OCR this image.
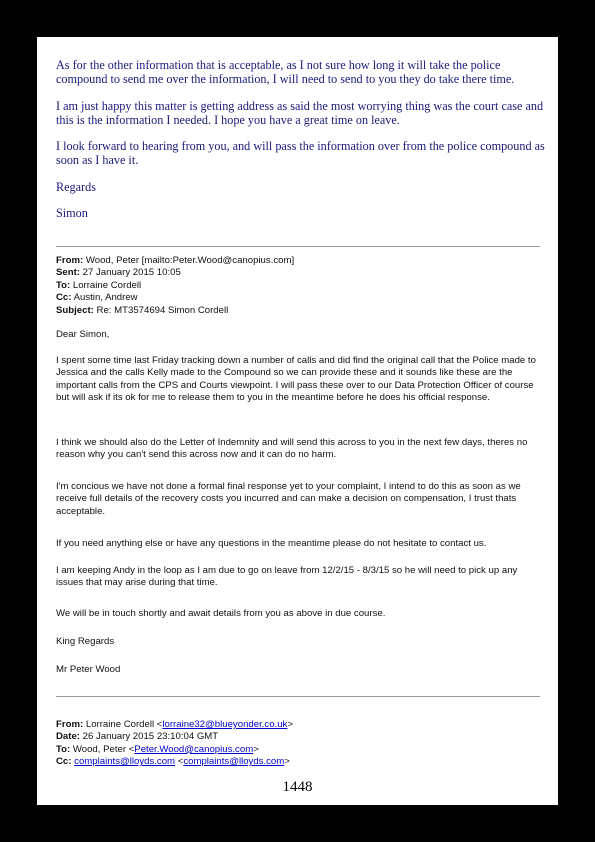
As for the other information that is acceptable, as I not sure how long it will take the police compound to send me over the information, I will need to send to you they do take there time.

I am just happy this matter is getting address as said the most worrying thing was the court case and this is the information I needed. I hope you have a great time on leave.

I look forward to hearing from you, and will pass the information over from the police compound as soon as I have it.

Regards

Simon

From: Wood, Peter [mailto:Peter.Wood@canopius.com]

Sent: 27 January 2015 10:05

To: Lorraine Cordell

Cc: Austin, Andrew

Subject: Re: MT3574694 Simon Cordell

Dear Simon,

I spent some time last Friday tracking down a number of calls and did find the original call that the Police made to Jessica and the calls Kelly made to the Compound so we can provide these and it sounds like these are the important calls from the CPS and Courts viewpoint. I will pass these over to our Data Protection Officer of course but will ask if its ok for me to release them to you in the meantime before he does his official response.

I think we should also do the Letter of Indemnity and will send this across to you in the next few days, theres no reason why you can't send this across now and it can do no harm.

I'm concious we have not done a formal final response yet to your complaint, I intend to do this as soon as we receive full details of the recovery costs you incurred and can make a decision on compensation, I trust thats acceptable.

If you need anything else or have any questions in the meantime please do not hesitate to contact us.

I am keeping Andy in the loop as I am due to go on leave from 12/2/15 - 8/3/15 so he will need to pick up any issues that may arise during that time.

We will be in touch shortly and await details from you as above in due course.

King Regards

Mr Peter Wood

From: Lorraine Cordell <lorraine32@blueyonder.co.uk>

Date: 26 January 2015 23:10:04 GMT

To: Wood, Peter <Peter.Wood@canopius.com>

Cc: complaints@lloyds.com <complaints@lloyds.com>

1448
